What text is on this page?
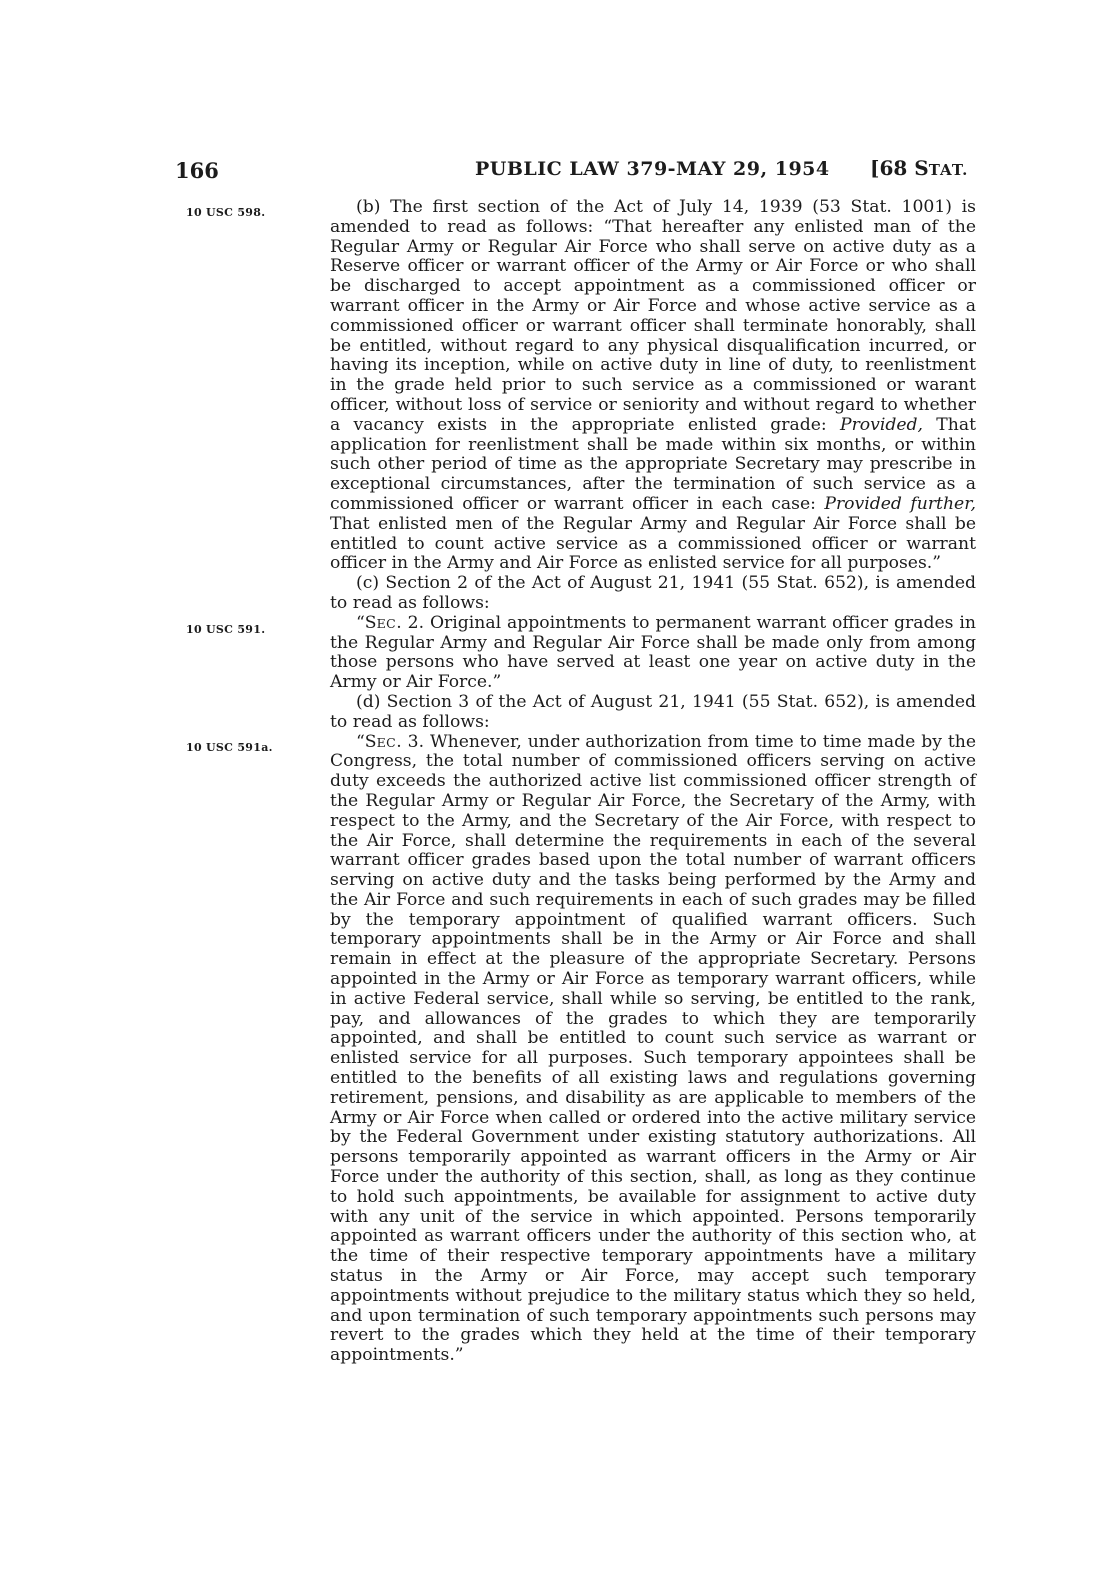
166	PUBLIC LAW 379-MAY 29, 1954 [68 STAT.
10 USC 598.
10 USC 591.
10 USC 591a.

(b) The first section of the Act of July 14, 1939 (53 Stat. 1001) is amended to read as follows: “That hereafter any enlisted man of the Regular Army or Regular Air Force who shall serve on active duty as a Reserve officer or warrant officer of the Army or Air Force or who shall be discharged to accept appointment as a commissioned officer or warrant officer in the Army or Air Force and whose active service as a commissioned officer or warrant officer shall terminate honorably, shall be entitled, without regard to any physical disqualification incurred, or having its inception, while on active duty in line of duty, to reenlistment in the grade held prior to such service as a commissioned or warant officer, without loss of service or seniority and without regard to whether a vacancy exists in the appropriate enlisted grade: Provided, That application for reenlistment shall be made within six months, or within such other period of time as the appropriate Secretary may prescribe in exceptional circumstances, after the termination of such service as a commissioned officer or warrant officer in each case: Provided further, That enlisted men of the Regular Army and Regular Air Force shall be entitled to count active service as a commissioned officer or warrant officer in the Army and Air Force as enlisted service for all purposes.”

(c) Section 2 of the Act of August 21, 1941 (55 Stat. 652), is amended to read as follows:

“SEC. 2. Original appointments to permanent warrant officer grades in the Regular Army and Regular Air Force shall be made only from among those persons who have served at least one year on active duty in the Army or Air Force.”

(d) Section 3 of the Act of August 21, 1941 (55 Stat. 652), is amended to read as follows:

“SEC. 3. Whenever, under authorization from time to time made by the Congress, the total number of commissioned officers serving on active duty exceeds the authorized active list commissioned officer strength of the Regular Army or Regular Air Force, the Secretary of the Army, with respect to the Army, and the Secretary of the Air Force, with respect to the Air Force, shall determine the requirements in each of the several warrant officer grades based upon the total number of warrant officers serving on active duty and the tasks being performed by the Army and the Air Force and such requirements in each of such grades may be filled by the temporary appointment of qualified warrant officers. Such temporary appointments shall be in the Army or Air Force and shall remain in effect at the pleasure of the appropriate Secretary. Persons appointed in the Army or Air Force as temporary warrant officers, while in active Federal service, shall while so serving, be entitled to the rank, pay, and allowances of the grades to which they are temporarily appointed, and shall be entitled to count such service as warrant or enlisted service for all purposes. Such temporary appointees shall be entitled to the benefits of all existing laws and regulations governing retirement, pensions, and disability as are applicable to members of the Army or Air Force when called or ordered into the active military service by the Federal Government under existing statutory authorizations. All persons temporarily appointed as warrant officers in the Army or Air Force under the authority of this section, shall, as long as they continue to hold such appointments, be available for assignment to active duty with any unit of the service in which appointed. Persons temporarily appointed as warrant officers under the authority of this section who, at the time of their respective temporary appointments have a military status in the Army or Air Force, may accept such temporary appointments without prejudice to the military status which they so held, and upon termination of such temporary appointments such persons may revert to the grades which they held at the time of their temporary appointments.”
